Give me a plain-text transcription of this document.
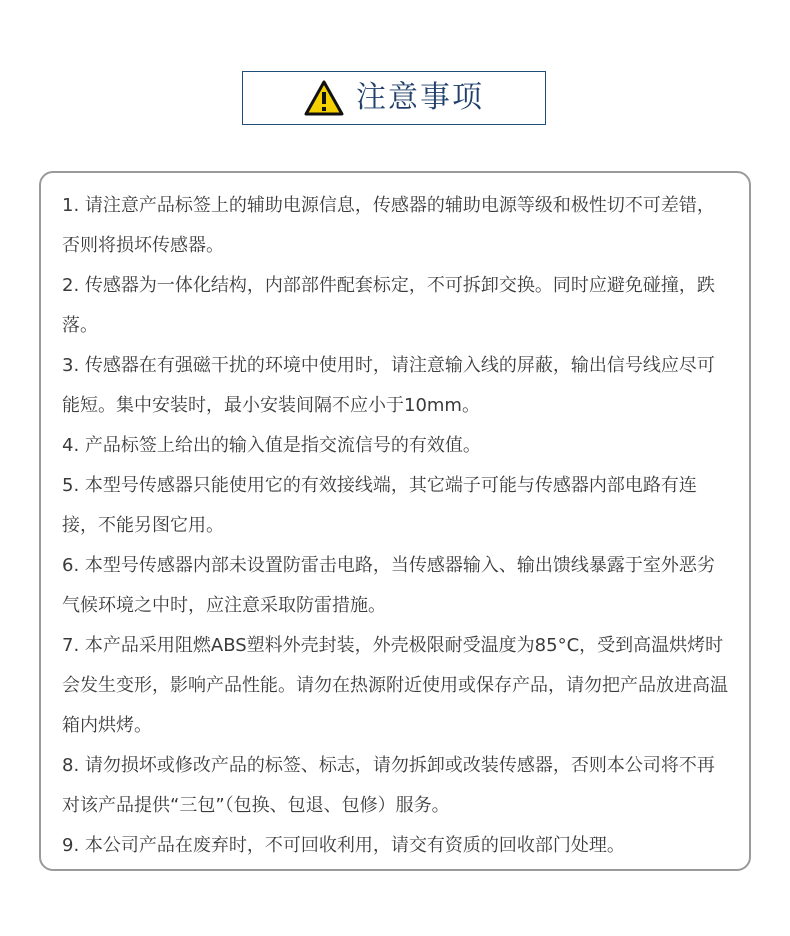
注意事项
1. 请注意产品标签上的辅助电源信息，传感器的辅助电源等级和极性切不可差错，否则将损坏传感器。
2. 传感器为一体化结构，内部部件配套标定，不可拆卸交换。同时应避免碰撞，跌落。
3. 传感器在有强磁干扰的环境中使用时，请注意输入线的屏蔽，输出信号线应尽可能短。集中安装时，最小安装间隔不应小于10mm。
4. 产品标签上给出的输入值是指交流信号的有效值。
5. 本型号传感器只能使用它的有效接线端，其它端子可能与传感器内部电路有连接，不能另图它用。
6. 本型号传感器内部未设置防雷击电路，当传感器输入、输出馈线暴露于室外恶劣气候环境之中时，应注意采取防雷措施。
7. 本产品采用阻燃ABS塑料外壳封装，外壳极限耐受温度为85°C，受到高温烘烤时会发生变形，影响产品性能。请勿在热源附近使用或保存产品，请勿把产品放进高温箱内烘烤。
8. 请勿损坏或修改产品的标签、标志，请勿拆卸或改装传感器，否则本公司将不再对该产品提供“三包”（包换、包退、包修）服务。
9. 本公司产品在废弃时，不可回收利用，请交有资质的回收部门处理。
